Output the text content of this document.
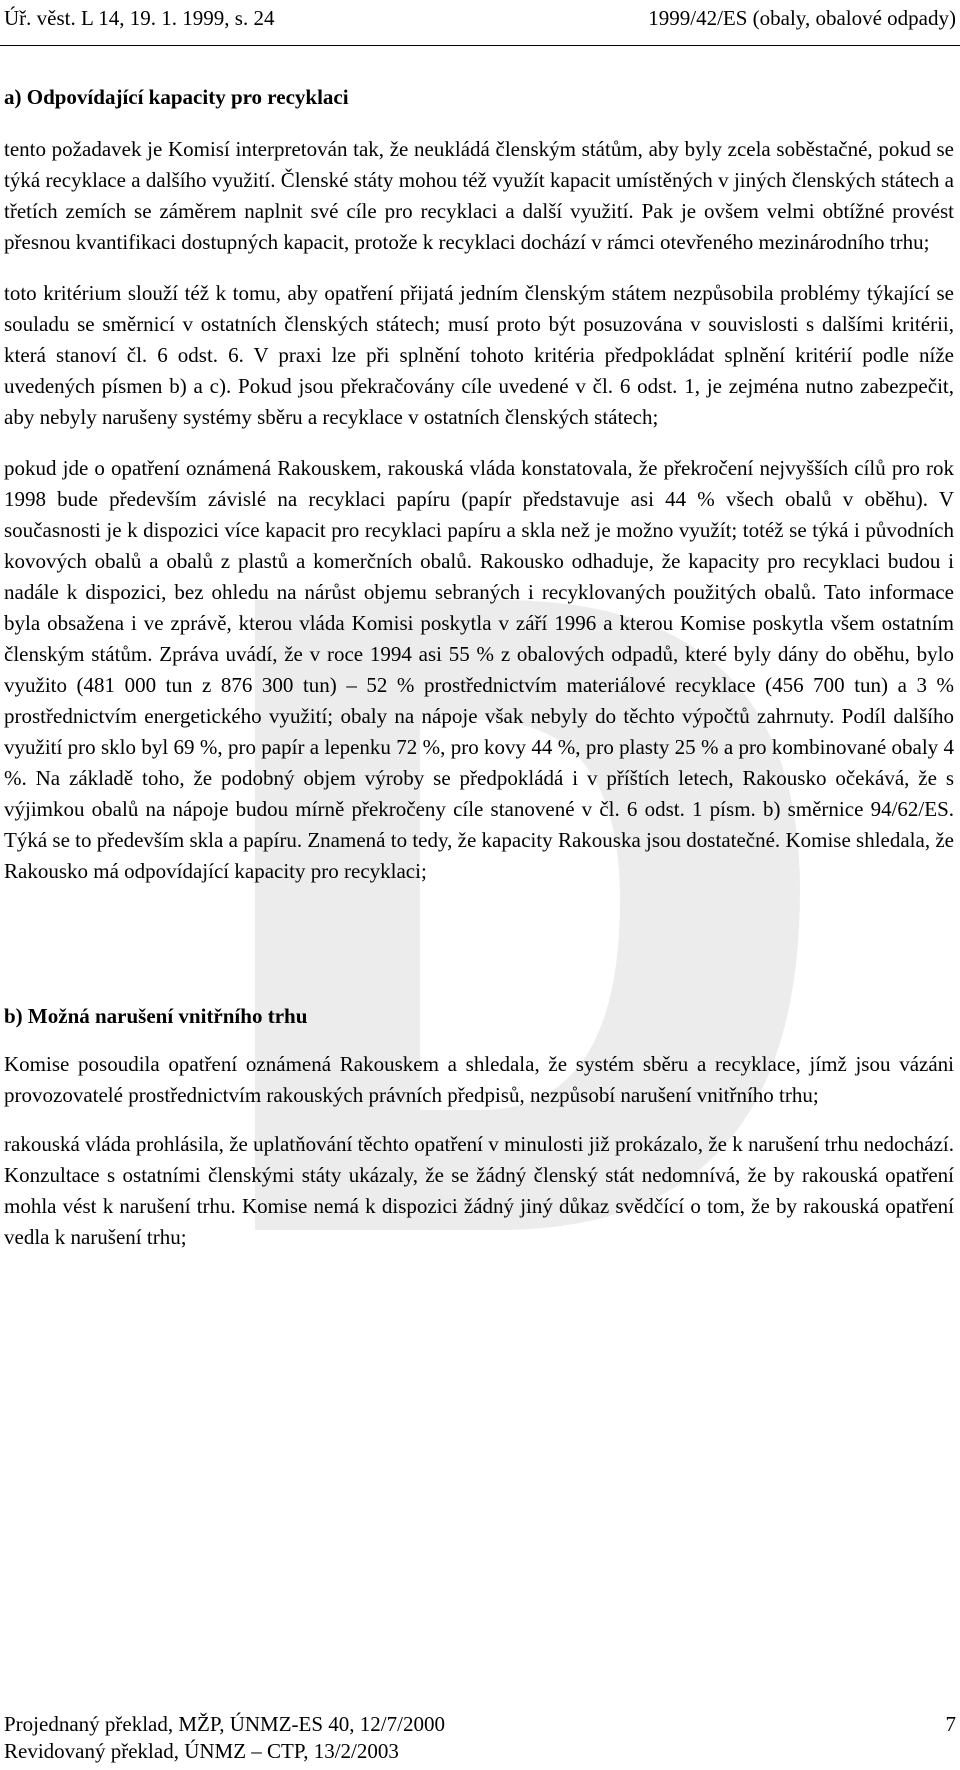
Úř. věst. L 14, 19. 1. 1999, s. 24	1999/42/ES (obaly, obalové odpady)
a) Odpovídající kapacity pro recyklaci

tento požadavek je Komisí interpretován tak, že neukládá členským státům, aby byly zcela soběstačné, pokud se týká recyklace a dalšího využití. Členské státy mohou též využít kapacit umístěných v jiných členských státech a třetích zemích se záměrem naplnit své cíle pro recyklaci a další využití. Pak je ovšem velmi obtížné provést přesnou kvantifikaci dostupných kapacit, protože k recyklaci dochází v rámci otevřeného mezinárodního trhu;

toto kritérium slouží též k tomu, aby opatření přijatá jedním členským státem nezpůsobila problémy týkající se souladu se směrnicí v ostatních členských státech; musí proto být posuzována v souvislosti s dalšími kritérii, která stanoví čl. 6 odst. 6. V praxi lze při splnění tohoto kritéria předpokládat splnění kritérií podle níže uvedených písmen b) a c). Pokud jsou překračovány cíle uvedené v čl. 6 odst. 1, je zejména nutno zabezpečit, aby nebyly narušeny systémy sběru a recyklace v ostatních členských státech;

pokud jde o opatření oznámená Rakouskem, rakouská vláda konstatovala, že překročení nejvyšších cílů pro rok 1998 bude především závislé na recyklaci papíru (papír představuje asi 44 % všech obalů v oběhu). V současnosti je k dispozici více kapacit pro recyklaci papíru a skla než je možno využít; totéž se týká i původních kovových obalů a obalů z plastů a komerčních obalů. Rakousko odhaduje, že kapacity pro recyklaci budou i nadále k dispozici, bez ohledu na nárůst objemu sebraných i recyklovaných použitých obalů. Tato informace byla obsažena i ve zprávě, kterou vláda Komisi poskytla v září 1996 a kterou Komise poskytla všem ostatním členským státům. Zpráva uvádí, že v roce 1994 asi 55 % z obalových odpadů, které byly dány do oběhu, bylo využito (481 000 tun z 876 300 tun) – 52 % prostřednictvím materiálové recyklace (456 700 tun) a 3 % prostřednictvím energetického využití; obaly na nápoje však nebyly do těchto výpočtů zahrnuty. Podíl dalšího využití pro sklo byl 69 %, pro papír a lepenku 72 %, pro kovy 44 %, pro plasty 25 % a pro kombinované obaly 4 %. Na základě toho, že podobný objem výroby se předpokládá i v příštích letech, Rakousko očekává, že s výjimkou obalů na nápoje budou mírně překročeny cíle stanovené v čl. 6 odst. 1 písm. b) směrnice 94/62/ES. Týká se to především skla a papíru. Znamená to tedy, že kapacity Rakouska jsou dostatečné. Komise shledala, že Rakousko má odpovídající kapacity pro recyklaci;

b) Možná narušení vnitřního trhu

Komise posoudila opatření oznámená Rakouskem a shledala, že systém sběru a recyklace, jímž jsou vázáni provozovatelé prostřednictvím rakouských právních předpisů, nezpůsobí narušení vnitřního trhu;

rakouská vláda prohlásila, že uplatňování těchto opatření v minulosti již prokázalo, že k narušení trhu nedochází. Konzultace s ostatními členskými státy ukázaly, že se žádný členský stát nedomnívá, že by rakouská opatření mohla vést k narušení trhu. Komise nemá k dispozici žádný jiný důkaz svědčící o tom, že by rakouská opatření vedla k narušení trhu;

Projednaný překlad, MŽP, ÚNMZ-ES 40, 12/7/2000	7
Revidovaný překlad, ÚNMZ – CTP, 13/2/2003
